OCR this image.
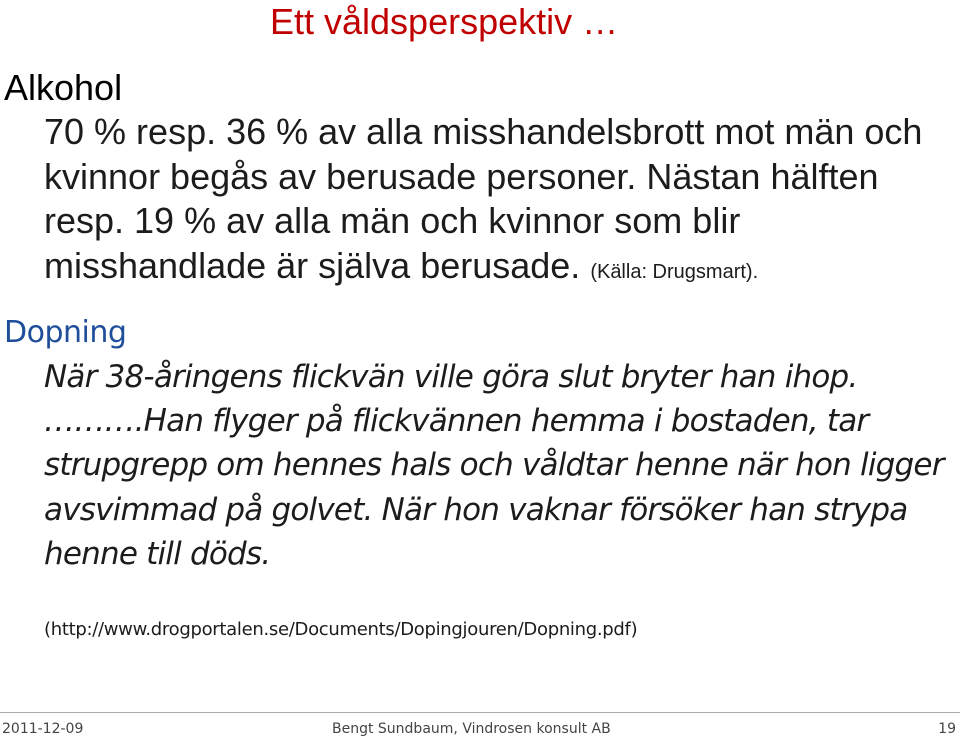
Ett våldsperspektiv …
Alkohol
70 % resp. 36 % av alla misshandelsbrott mot män och kvinnor begås av berusade personer. Nästan hälften resp. 19 % av alla män och kvinnor som blir misshandlade är själva berusade. (Källa: Drugsmart).
Dopning
När 38-åringens flickvän ville göra slut bryter han ihop. ……….Han flyger på flickvännen hemma i bostaden, tar strupgrepp om hennes hals och våldtar henne när hon ligger avsvimmad på golvet. När hon vaknar försöker han strypa henne till döds.
(http://www.drogportalen.se/Documents/Dopingjouren/Dopning.pdf)
2011-12-09	Bengt Sundbaum, Vindrosen konsult AB	19
